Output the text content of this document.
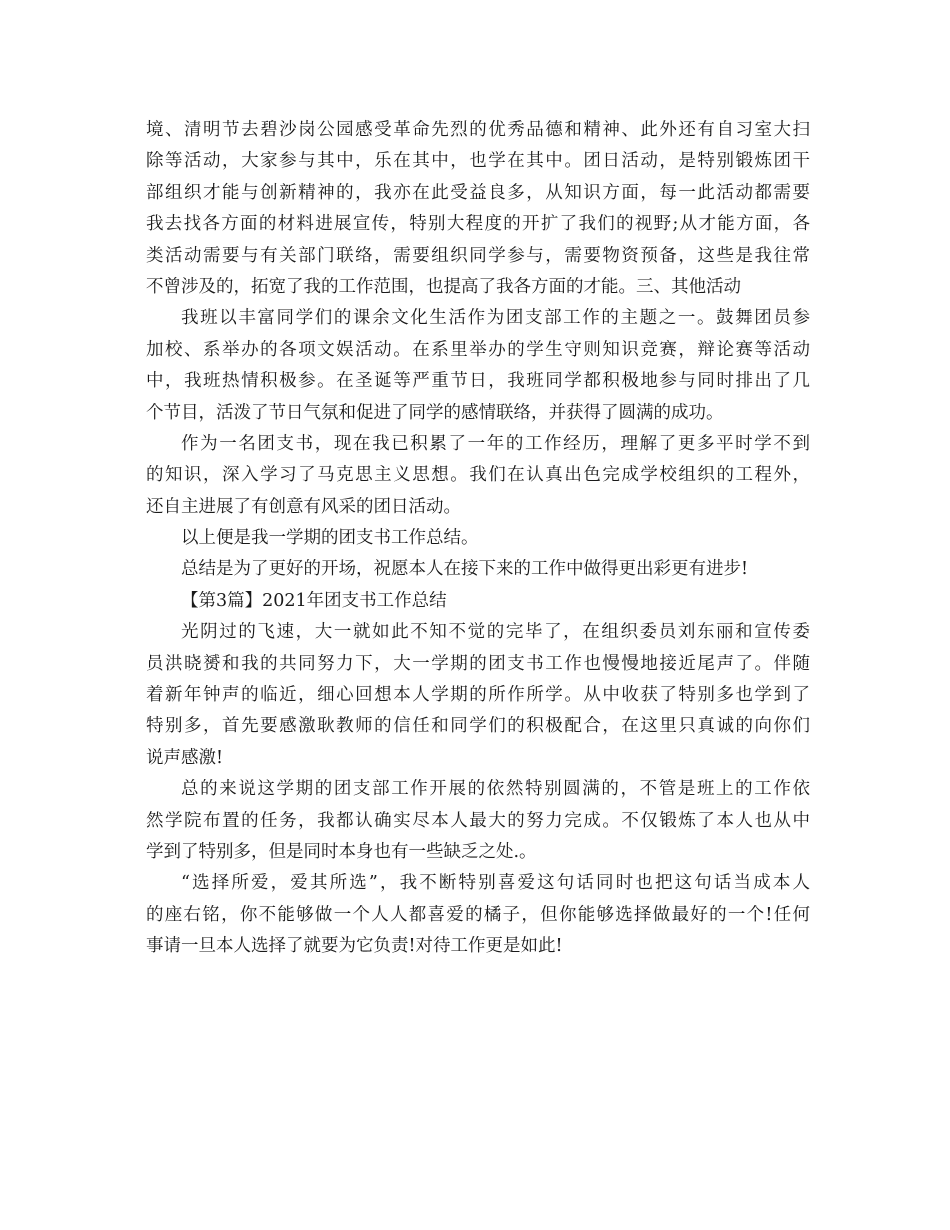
境、清明节去碧沙岗公园感受革命先烈的优秀品德和精神、此外还有自习室大扫
除等活动，大家参与其中，乐在其中，也学在其中。团日活动，是特别锻炼团干
部组织才能与创新精神的，我亦在此受益良多，从知识方面，每一此活动都需要
我去找各方面的材料进展宣传，特别大程度的开扩了我们的视野;从才能方面，各
类活动需要与有关部门联络，需要组织同学参与，需要物资预备，这些是我往常
不曾涉及的，拓宽了我的工作范围，也提高了我各方面的才能。三、其他活动
我班以丰富同学们的课余文化生活作为团支部工作的主题之一。鼓舞团员参
加校、系举办的各项文娱活动。在系里举办的学生守则知识竞赛，辩论赛等活动
中，我班热情积极参。在圣诞等严重节日，我班同学都积极地参与同时排出了几
个节目，活泼了节日气氛和促进了同学的感情联络，并获得了圆满的成功。
作为一名团支书，现在我已积累了一年的工作经历，理解了更多平时学不到
的知识，深入学习了马克思主义思想。我们在认真出色完成学校组织的工程外，
还自主进展了有创意有风采的团日活动。
以上便是我一学期的团支书工作总结。
总结是为了更好的开场，祝愿本人在接下来的工作中做得更出彩更有进步!
【第3篇】2021年团支书工作总结
光阴过的飞速，大一就如此不知不觉的完毕了，在组织委员刘东丽和宣传委
员洪晓赟和我的共同努力下，大一学期的团支书工作也慢慢地接近尾声了。伴随
着新年钟声的临近，细心回想本人学期的所作所学。从中收获了特别多也学到了
特别多，首先要感激耿教师的信任和同学们的积极配合，在这里只真诚的向你们
说声感激!
总的来说这学期的团支部工作开展的依然特别圆满的，不管是班上的工作依
然学院布置的任务，我都认确实尽本人最大的努力完成。不仅锻炼了本人也从中
学到了特别多，但是同时本身也有一些缺乏之处.。
“选择所爱，爱其所选”，我不断特别喜爱这句话同时也把这句话当成本人
的座右铭，你不能够做一个人人都喜爱的橘子，但你能够选择做最好的一个!任何
事请一旦本人选择了就要为它负责!对待工作更是如此!
